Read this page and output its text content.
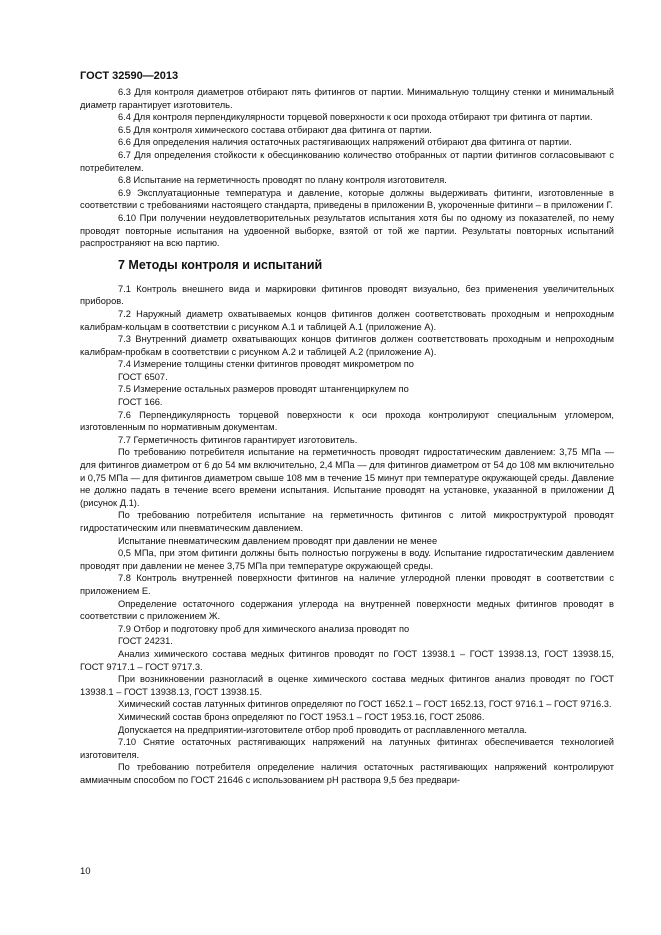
ГОСТ 32590—2013

6.3 Для контроля диаметров отбирают пять фитингов от партии. Минимальную толщину стенки и минимальный диаметр гарантирует изготовитель.

6.4 Для контроля перпендикулярности торцевой поверхности к оси прохода отбирают три фитинга от партии.

6.5 Для контроля химического состава отбирают два фитинга от партии.

6.6 Для определения наличия остаточных растягивающих напряжений отбирают два фитинга от партии.

6.7 Для определения стойкости к обесцинкованию количество отобранных от партии фитингов согласовывают с потребителем.

6.8 Испытание на герметичность проводят по плану контроля изготовителя.

6.9 Эксплуатационные температура и давление, которые должны выдерживать фитинги, изготовленные в соответствии с требованиями настоящего стандарта, приведены в приложении В, укороченные фитинги – в приложении Г.

6.10 При получении неудовлетворительных результатов испытания хотя бы по одному из показателей, по нему проводят повторные испытания на удвоенной выборке, взятой от той же партии. Результаты повторных испытаний распространяют на всю партию.

7 Методы контроля и испытаний

7.1 Контроль внешнего вида и маркировки фитингов проводят визуально, без применения увеличительных приборов.

7.2 Наружный диаметр охватываемых концов фитингов должен соответствовать проходным и непроходным калибрам-кольцам в соответствии с рисунком А.1 и таблицей А.1 (приложение А).

7.3 Внутренний диаметр охватывающих концов фитингов должен соответствовать проходным и непроходным калибрам-пробкам в соответствии с рисунком А.2 и таблицей А.2 (приложение А).

7.4 Измерение толщины стенки фитингов проводят микрометром по

ГОСТ 6507.

7.5 Измерение остальных размеров проводят штангенциркулем по

ГОСТ 166.

7.6 Перпендикулярность торцевой поверхности к оси прохода контролируют специальным угломером, изготовленным по нормативным документам.

7.7 Герметичность фитингов гарантирует изготовитель.

По требованию потребителя испытание на герметичность проводят гидростатическим давлением: 3,75 МПа — для фитингов диаметром от 6 до 54 мм включительно, 2,4 МПа — для фитингов диаметром от 54 до 108 мм включительно и 0,75 МПа — для фитингов диаметром свыше 108 мм в течение 15 минут при температуре окружающей среды. Давление не должно падать в течение всего времени испытания. Испытание проводят на установке, указанной в приложении Д (рисунок Д.1).

По требованию потребителя испытание на герметичность фитингов с литой микроструктурой проводят гидростатическим или пневматическим давлением.

Испытание пневматическим давлением проводят при давлении не менее

0,5 МПа, при этом фитинги должны быть полностью погружены в воду. Испытание гидростатическим давлением проводят при давлении не менее 3,75 МПа при температуре окружающей среды.

7.8 Контроль внутренней поверхности фитингов на наличие углеродной пленки проводят в соответствии с приложением Е.

Определение остаточного содержания углерода на внутренней поверхности медных фитингов проводят в соответствии с приложением Ж.

7.9 Отбор и подготовку проб для химического анализа проводят по

ГОСТ 24231.

Анализ химического состава медных фитингов проводят по ГОСТ 13938.1 – ГОСТ 13938.13, ГОСТ 13938.15, ГОСТ 9717.1 – ГОСТ 9717.3.

При возникновении разногласий в оценке химического состава медных фитингов анализ проводят по ГОСТ 13938.1 – ГОСТ 13938.13, ГОСТ 13938.15.

Химический состав латунных фитингов определяют по ГОСТ 1652.1 – ГОСТ 1652.13, ГОСТ 9716.1 – ГОСТ 9716.3.

Химический состав бронз определяют по ГОСТ 1953.1 – ГОСТ 1953.16, ГОСТ 25086.

Допускается на предприятии-изготовителе отбор проб проводить от расплавленного металла.

7.10 Снятие остаточных растягивающих напряжений на латунных фитингах обеспечивается технологией изготовителя.

По требованию потребителя определение наличия остаточных растягивающих напряжений контролируют аммиачным способом по ГОСТ 21646 с использованием pH раствора 9,5 без предвари-

10
